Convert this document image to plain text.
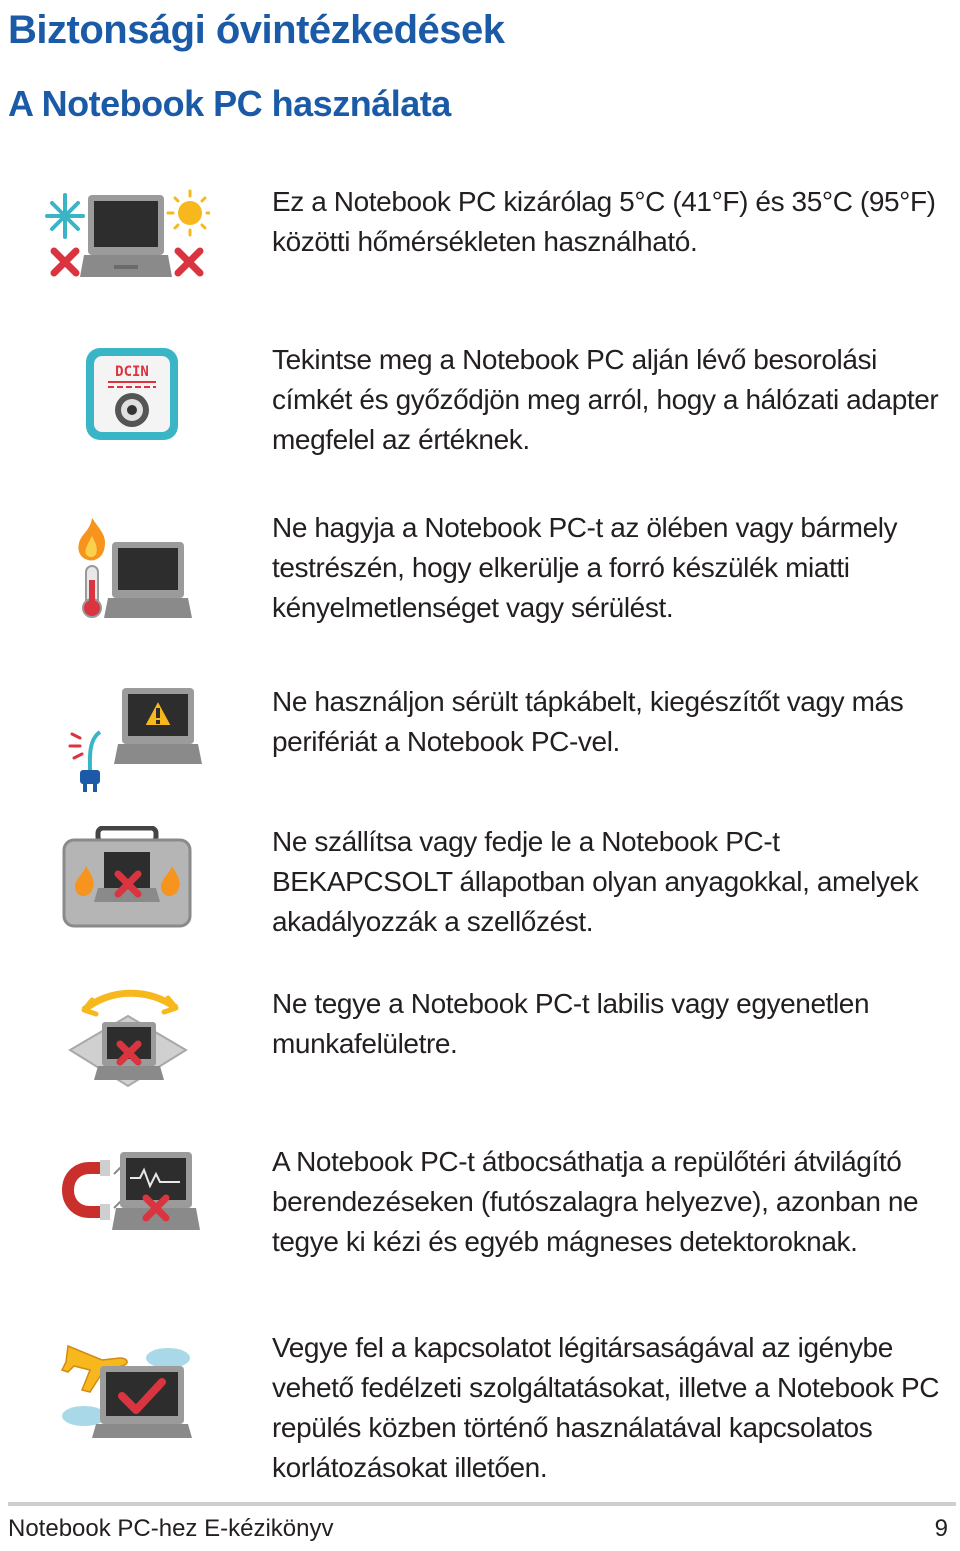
Biztonsági óvintézkedések
A Notebook PC használata

Ez a Notebook PC kizárólag 5°C (41°F) és 35°C (95°F) közötti hőmérsékleten használható.

DCIN	Tekintse meg a Notebook PC alján lévő besorolási címkét és győződjön meg arról, hogy a hálózati adapter megfelel az értéknek.

Ne hagyja a Notebook PC-t az ölében vagy bármely testrészén, hogy elkerülje a forró készülék miatti kényelmetlenséget vagy sérülést.

Ne használjon sérült tápkábelt, kiegészítőt vagy más perifériát a Notebook PC-vel.

Ne szállítsa vagy fedje le a Notebook PC-t BEKAPCSOLT állapotban olyan anyagokkal, amelyek akadályozzák a szellőzést.

Ne tegye a Notebook PC-t labilis vagy egyenetlen munkafelületre.

A Notebook PC-t átbocsáthatja a repülőtéri átvilágító berendezéseken (futószalagra helyezve), azonban ne tegye ki kézi és egyéb mágneses detektoroknak.

Vegye fel a kapcsolatot légitársaságával az igénybe vehető fedélzeti szolgáltatásokat, illetve a Notebook PC repülés közben történő használatával kapcsolatos korlátozásokat illetően.

Notebook PC-hez E-kézikönyv	9
